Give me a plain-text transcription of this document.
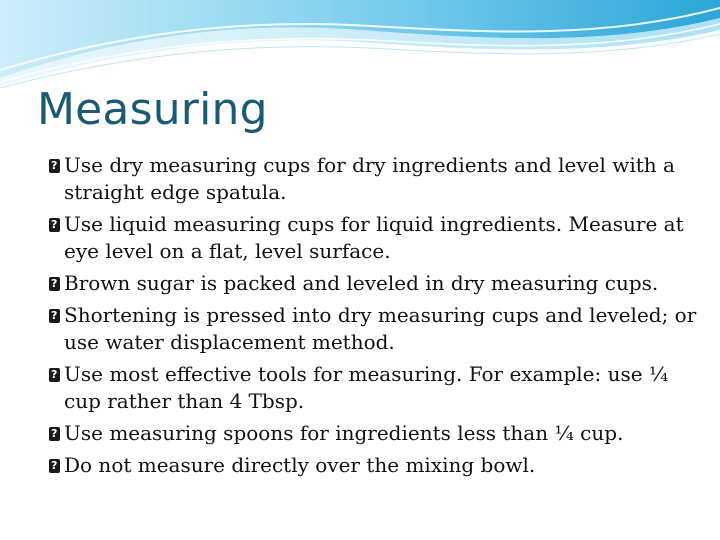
Measuring
?
Use dry measuring cups for dry ingredients and level with a straight edge spatula.
?
Use liquid measuring cups for liquid ingredients. Measure at eye level on a flat, level surface.
?
Brown sugar is packed and leveled in dry measuring cups.
?
Shortening is pressed into dry measuring cups and leveled; or use water displacement method.
?
Use most effective tools for measuring. For example: use ¼ cup rather than 4 Tbsp.
?
Use measuring spoons for ingredients less than ¼ cup.
?
Do not measure directly over the mixing bowl.
